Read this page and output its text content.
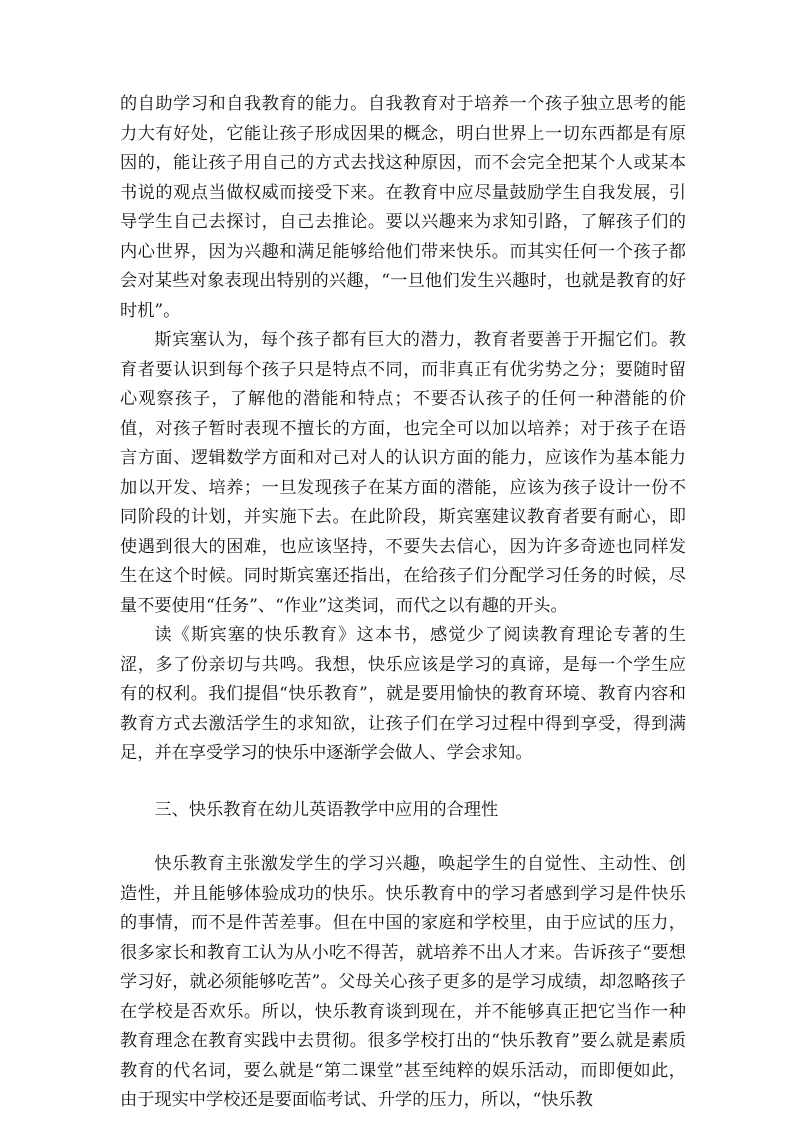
的自助学习和自我教育的能力。自我教育对于培养一个孩子独立思考的能力大有好处，它能让孩子形成因果的概念，明白世界上一切东西都是有原因的，能让孩子用自己的方式去找这种原因，而不会完全把某个人或某本书说的观点当做权威而接受下来。在教育中应尽量鼓励学生自我发展，引导学生自己去探讨，自己去推论。要以兴趣来为求知引路，了解孩子们的内心世界，因为兴趣和满足能够给他们带来快乐。而其实任何一个孩子都会对某些对象表现出特别的兴趣，“一旦他们发生兴趣时，也就是教育的好时机”。

斯宾塞认为，每个孩子都有巨大的潜力，教育者要善于开掘它们。教育者要认识到每个孩子只是特点不同，而非真正有优劣势之分；要随时留心观察孩子，了解他的潜能和特点；不要否认孩子的任何一种潜能的价值，对孩子暂时表现不擅长的方面，也完全可以加以培养；对于孩子在语言方面、逻辑数学方面和对己对人的认识方面的能力，应该作为基本能力加以开发、培养；一旦发现孩子在某方面的潜能，应该为孩子设计一份不同阶段的计划，并实施下去。在此阶段，斯宾塞建议教育者要有耐心，即使遇到很大的困难，也应该坚持，不要失去信心，因为许多奇迹也同样发生在这个时候。同时斯宾塞还指出，在给孩子们分配学习任务的时候，尽量不要使用“任务”、“作业”这类词，而代之以有趣的开头。

读《斯宾塞的快乐教育》这本书，感觉少了阅读教育理论专著的生涩，多了份亲切与共鸣。我想，快乐应该是学习的真谛，是每一个学生应有的权利。我们提倡“快乐教育”，就是要用愉快的教育环境、教育内容和教育方式去激活学生的求知欲，让孩子们在学习过程中得到享受，得到满足，并在享受学习的快乐中逐渐学会做人、学会求知。

三、快乐教育在幼儿英语教学中应用的合理性

快乐教育主张激发学生的学习兴趣，唤起学生的自觉性、主动性、创造性，并且能够体验成功的快乐。快乐教育中的学习者感到学习是件快乐的事情，而不是件苦差事。但在中国的家庭和学校里，由于应试的压力，很多家长和教育工认为从小吃不得苦，就培养不出人才来。告诉孩子“要想学习好，就必须能够吃苦”。父母关心孩子更多的是学习成绩，却忽略孩子在学校是否欢乐。所以，快乐教育谈到现在，并不能够真正把它当作一种教育理念在教育实践中去贯彻。很多学校打出的“快乐教育”要么就是素质教育的代名词，要么就是“第二课堂”甚至纯粹的娱乐活动，而即便如此，由于现实中学校还是要面临考试、升学的压力，所以，“快乐教
